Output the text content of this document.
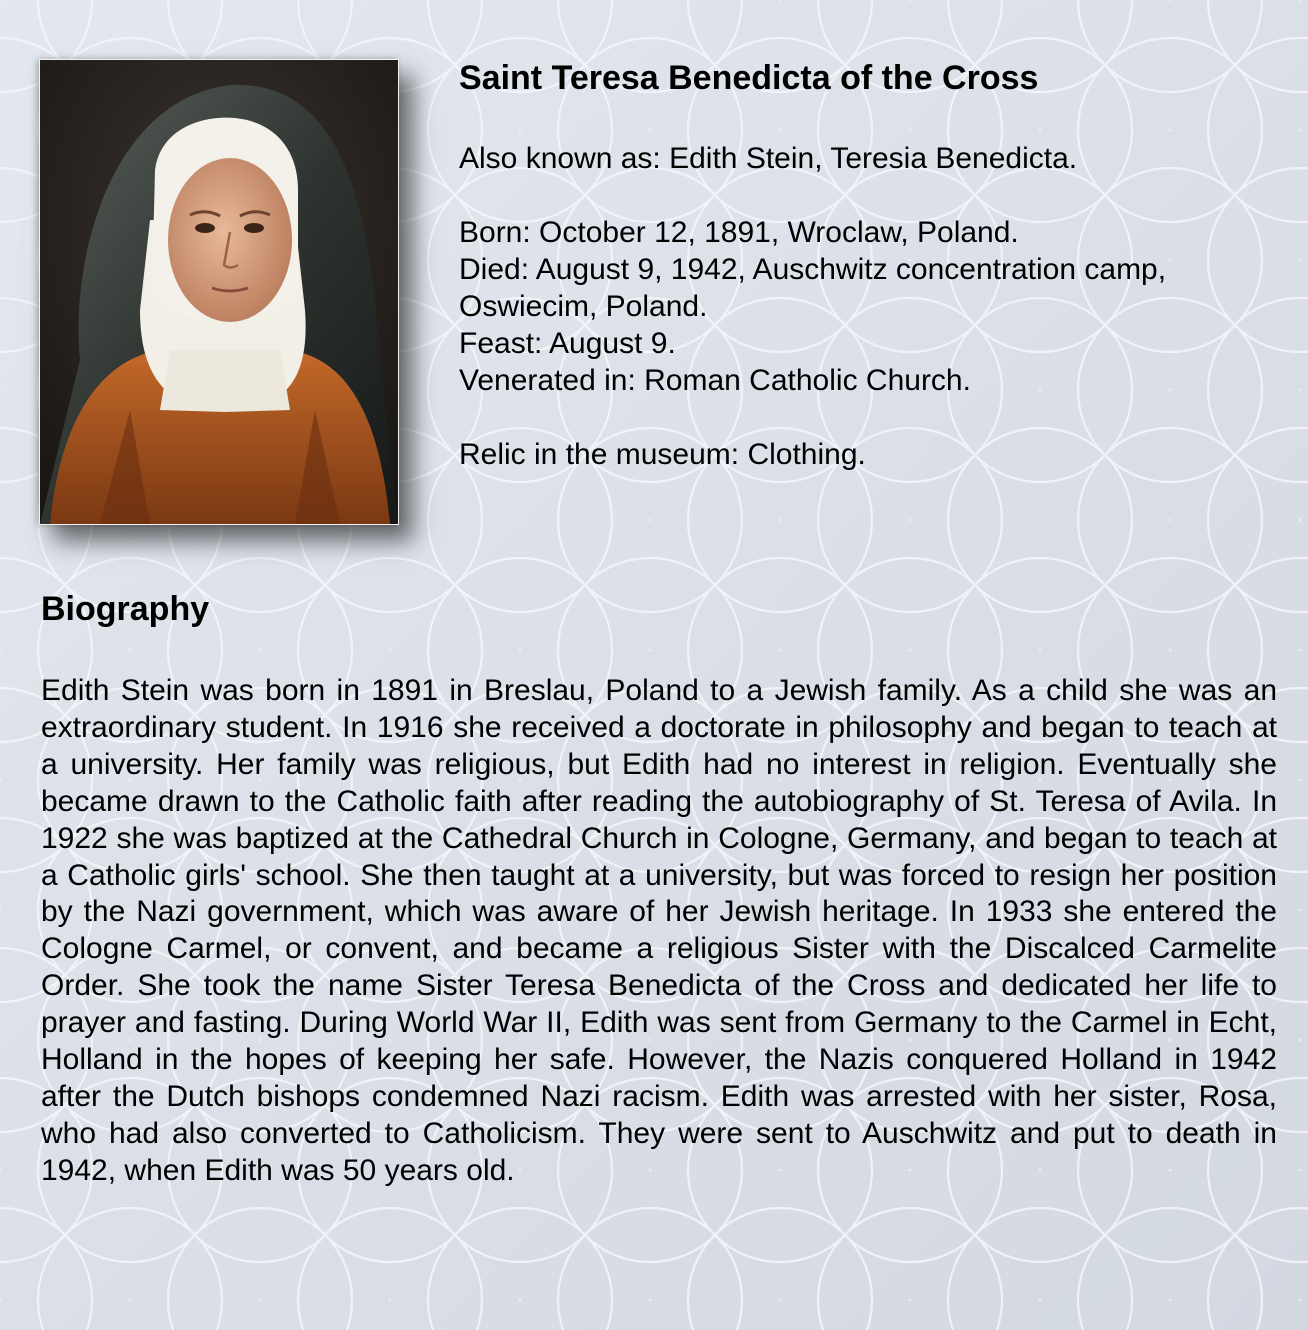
Saint Teresa Benedicta of the Cross

Also known as: Edith Stein, Teresia Benedicta.

Born: October 12, 1891, Wroclaw, Poland.

Died: August 9, 1942, Auschwitz concentration camp,

Oswiecim, Poland.

Feast: August 9.

Venerated in: Roman Catholic Church.

Relic in the museum: Clothing.

Biography

Edith Stein was born in 1891 in Breslau, Poland to a Jewish family. As a child she was an extraordinary student. In 1916 she received a doctorate in philosophy and began to teach at a university. Her family was religious, but Edith had no interest in religion. Eventually she became drawn to the Catholic faith after reading the autobiography of St. Teresa of Avila. In 1922 she was baptized at the Cathedral Church in Cologne, Germany, and began to teach at a Catholic girls' school. She then taught at a university, but was forced to resign her position by the Nazi government, which was aware of her Jewish heritage. In 1933 she entered the Cologne Carmel, or convent, and became a religious Sister with the Discalced Carmelite Order. She took the name Sister Teresa Benedicta of the Cross and dedicated her life to prayer and fasting. During World War II, Edith was sent from Germany to the Carmel in Echt, Holland in the hopes of keeping her safe. However, the Nazis conquered Holland in 1942 after the Dutch bishops condemned Nazi racism. Edith was arrested with her sister, Rosa, who had also converted to Catholicism. They were sent to Auschwitz and put to death in 1942, when Edith was 50 years old.
